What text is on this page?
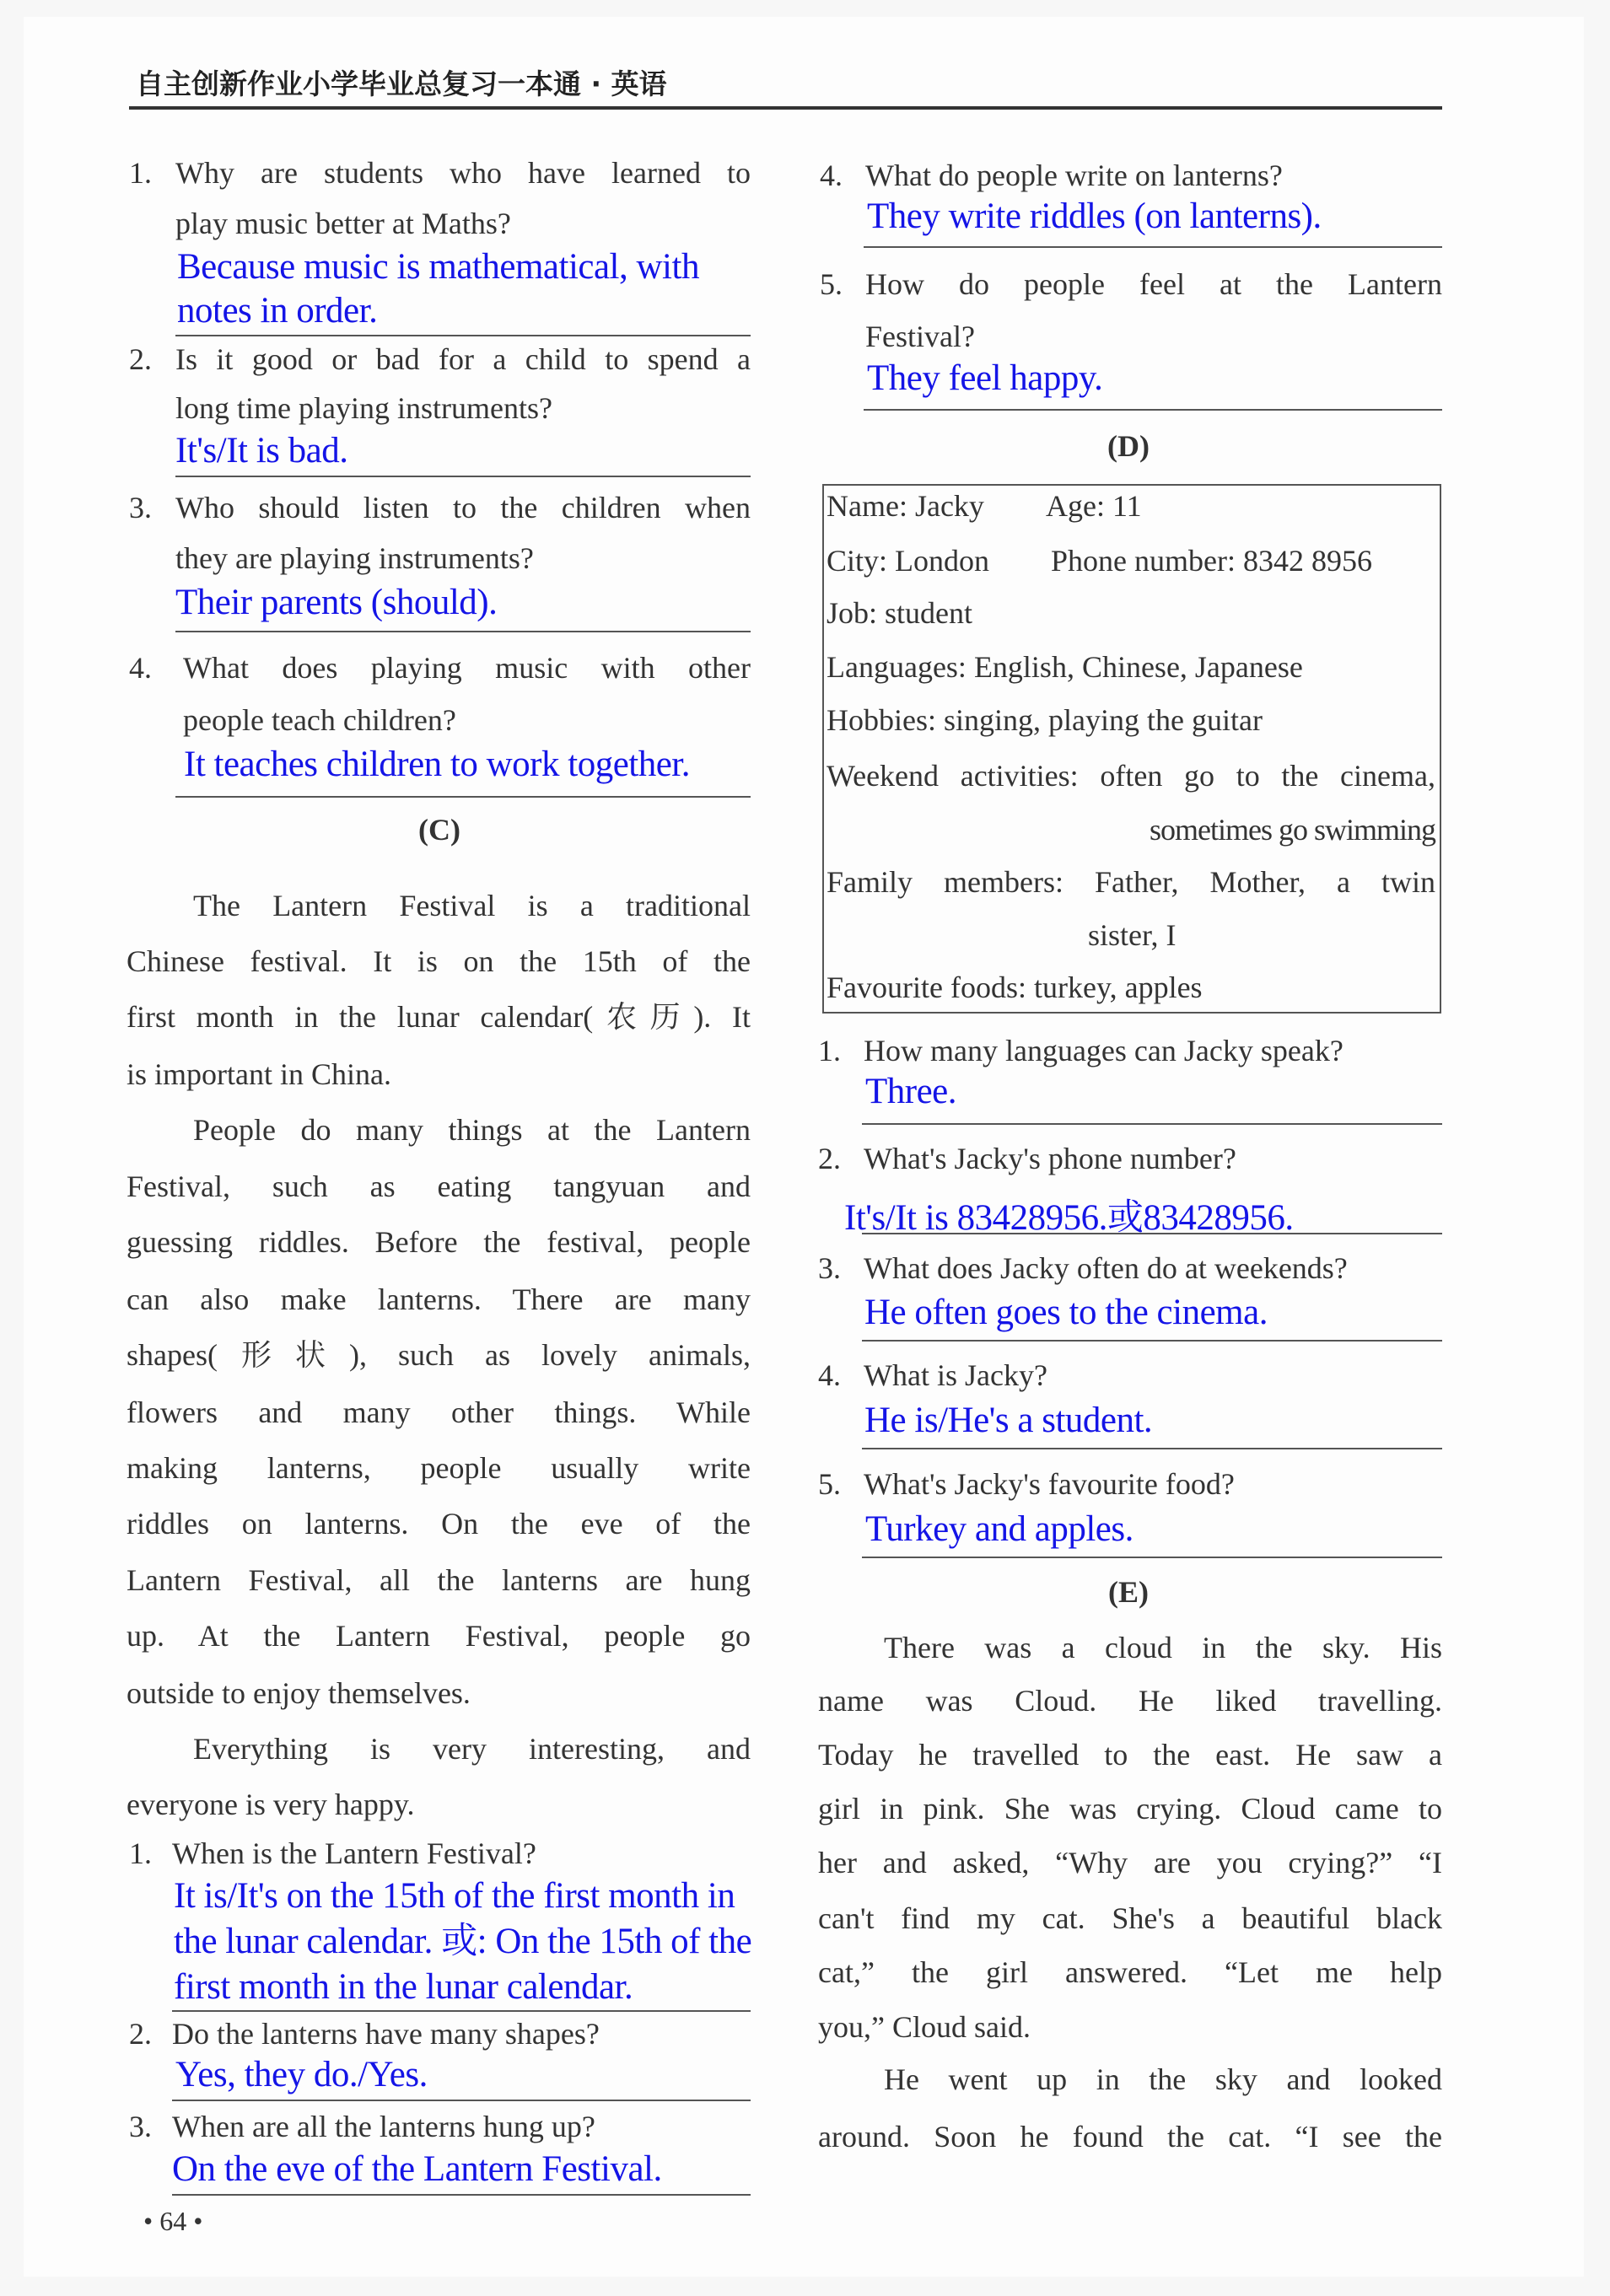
自主创新作业小学毕业总复习一本通 · 英语
1. Why are students who have learned to
play music better at Maths?
Because music is mathematical, with
notes in order.
2. Is it good or bad for a child to spend a
long time playing instruments?
It's/It is bad.
3. Who should listen to the children when
they are playing instruments?
Their parents (should).
4. What does playing music with other
people teach children?
It teaches children to work together.
(C)
The Lantern Festival is a traditional
Chinese festival. It is on the 15th of the
first month in the lunar calendar(农历). It
is important in China.
People do many things at the Lantern
Festival, such as eating tangyuan and
guessing riddles. Before the festival, people
can also make lanterns. There are many
shapes(形状), such as lovely animals,
flowers and many other things. While
making lanterns, people usually write
riddles on lanterns. On the eve of the
Lantern Festival, all the lanterns are hung
up. At the Lantern Festival, people go
outside to enjoy themselves.
Everything is very interesting, and
everyone is very happy.
1. When is the Lantern Festival?
It is/It's on the 15th of the first month in
the lunar calendar. 或: On the 15th of the
first month in the lunar calendar.
2. Do the lanterns have many shapes?
Yes, they do./Yes.
3. When are all the lanterns hung up?
On the eve of the Lantern Festival.
• 64 •
4. What do people write on lanterns?
They write riddles (on lanterns).
5. How do people feel at the Lantern
Festival?
They feel happy.
(D)
Name: Jacky Age: 11
City: London Phone number: 8342 8956
Job: student
Languages: English, Chinese, Japanese
Hobbies: singing, playing the guitar
Weekend activities: often go to the cinema,
sometimes go swimming
Family members: Father, Mother, a twin
sister, I
Favourite foods: turkey, apples
1. How many languages can Jacky speak?
Three.
2. What's Jacky's phone number?
It's/It is 83428956.或83428956.
3. What does Jacky often do at weekends?
He often goes to the cinema.
4. What is Jacky?
He is/He's a student.
5. What's Jacky's favourite food?
Turkey and apples.
(E)
There was a cloud in the sky. His
name was Cloud. He liked travelling.
Today he travelled to the east. He saw a
girl in pink. She was crying. Cloud came to
her and asked, “Why are you crying?” “I
can't find my cat. She's a beautiful black
cat,” the girl answered. “Let me help
you,” Cloud said.
He went up in the sky and looked
around. Soon he found the cat. “I see the
